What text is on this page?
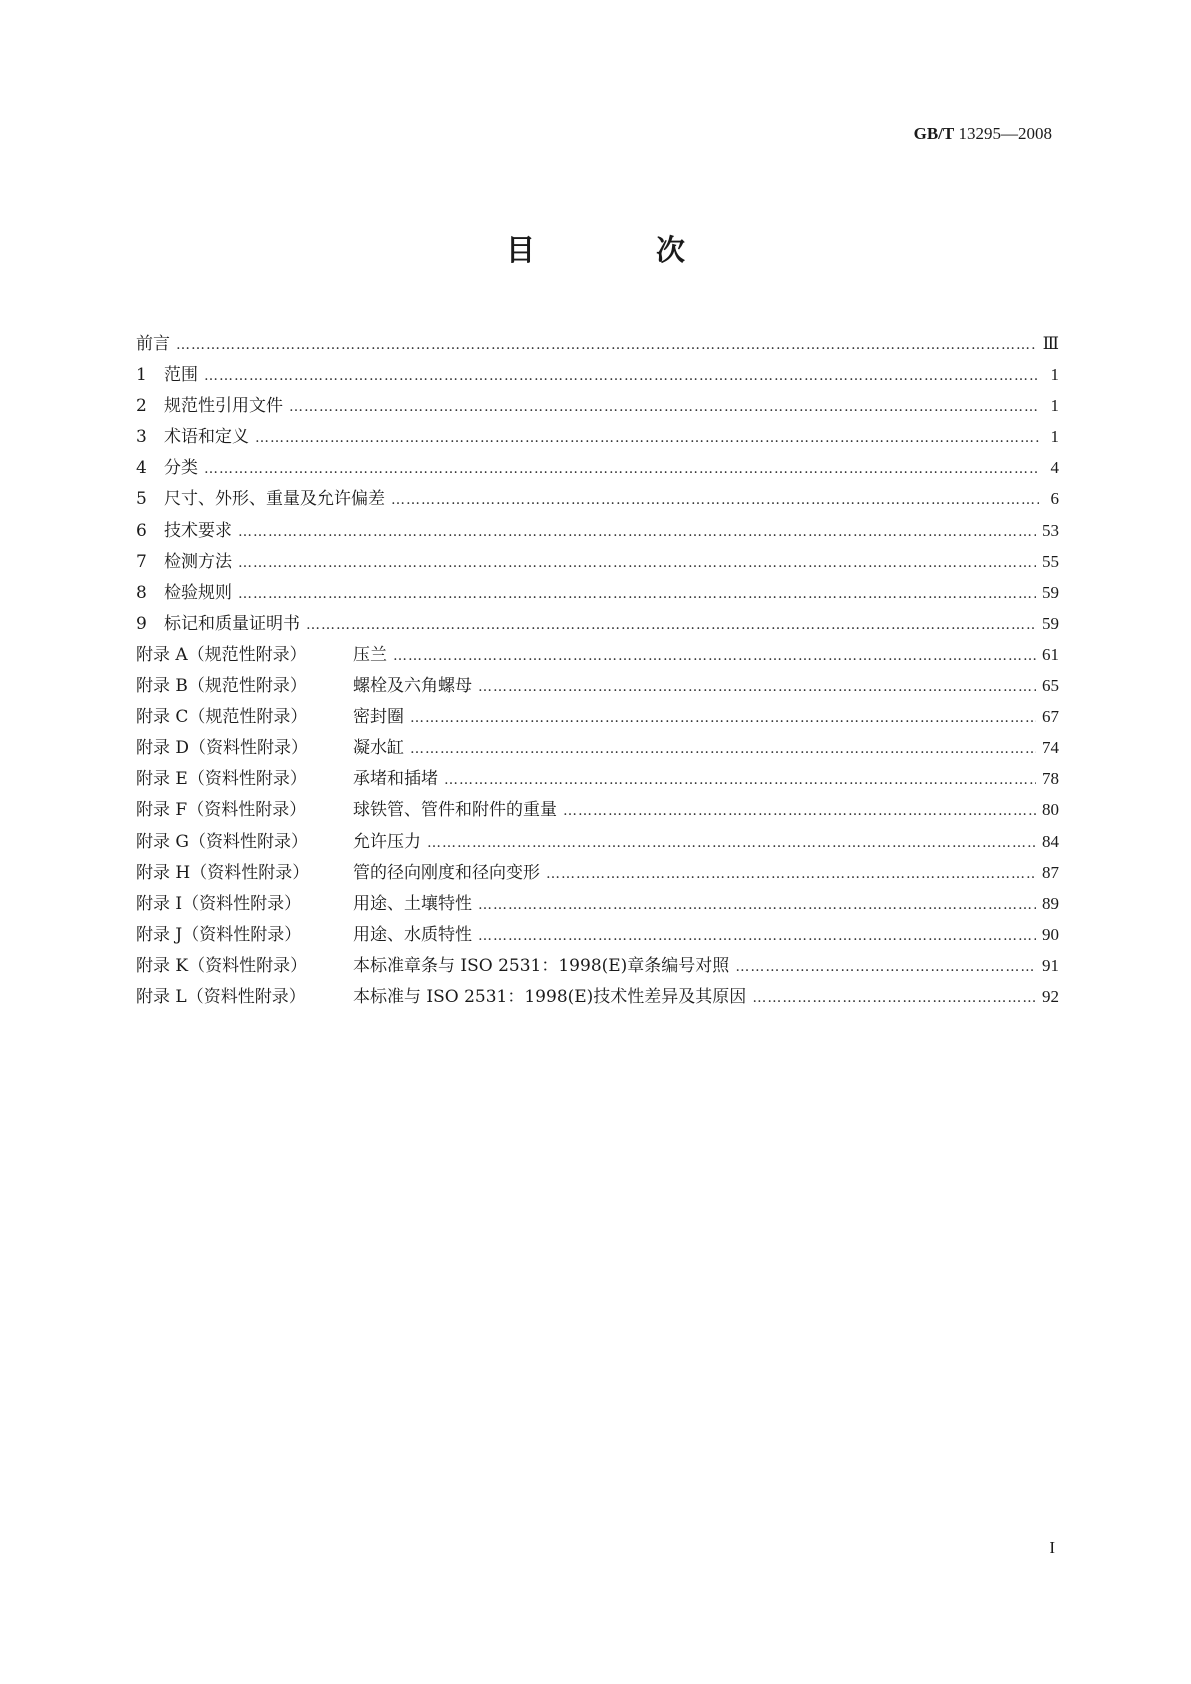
GB/T 13295—2008
目　次
前言 ………………………………………………………………………………………………………………………………………………………………………………	Ⅲ
1	范围 ………………………………………………………………………………………………………………………………………………………………………………	1
2	规范性引用文件 ………………………………………………………………………………………………………………………………………………………………………………	1
3	术语和定义 ………………………………………………………………………………………………………………………………………………………………………………	1
4	分类 ………………………………………………………………………………………………………………………………………………………………………………	4
5	尺寸、外形、重量及允许偏差 ………………………………………………………………………………………………………………………………………………………………………………	6
6	技术要求 ………………………………………………………………………………………………………………………………………………………………………………	53
7	检测方法 ………………………………………………………………………………………………………………………………………………………………………………	55
8	检验规则 ………………………………………………………………………………………………………………………………………………………………………………	59
9	标记和质量证明书 ………………………………………………………………………………………………………………………………………………………………………………	59
附录 A（规范性附录）	压兰 ………………………………………………………………………………………………………………………………………………………………………………	61
附录 B（规范性附录）	螺栓及六角螺母 ………………………………………………………………………………………………………………………………………………………………………………	65
附录 C（规范性附录）	密封圈 ………………………………………………………………………………………………………………………………………………………………………………	67
附录 D（资料性附录）	凝水缸 ………………………………………………………………………………………………………………………………………………………………………………	74
附录 E（资料性附录）	承堵和插堵 ………………………………………………………………………………………………………………………………………………………………………………	78
附录 F（资料性附录）	球铁管、管件和附件的重量 ………………………………………………………………………………………………………………………………………………………………………………	80
附录 G（资料性附录）	允许压力 ………………………………………………………………………………………………………………………………………………………………………………	84
附录 H（资料性附录）	管的径向刚度和径向变形 ………………………………………………………………………………………………………………………………………………………………………………	87
附录 I（资料性附录）	用途、土壤特性 ………………………………………………………………………………………………………………………………………………………………………………	89
附录 J（资料性附录）	用途、水质特性 ………………………………………………………………………………………………………………………………………………………………………………	90
附录 K（资料性附录）	本标准章条与 ISO 2531：1998(E)章条编号对照 ………………………………………………………………………………………………………………………………………………………………………………	91
附录 L（资料性附录）	本标准与 ISO 2531：1998(E)技术性差异及其原因 ………………………………………………………………………………………………………………………………………………………………………………	92
I
